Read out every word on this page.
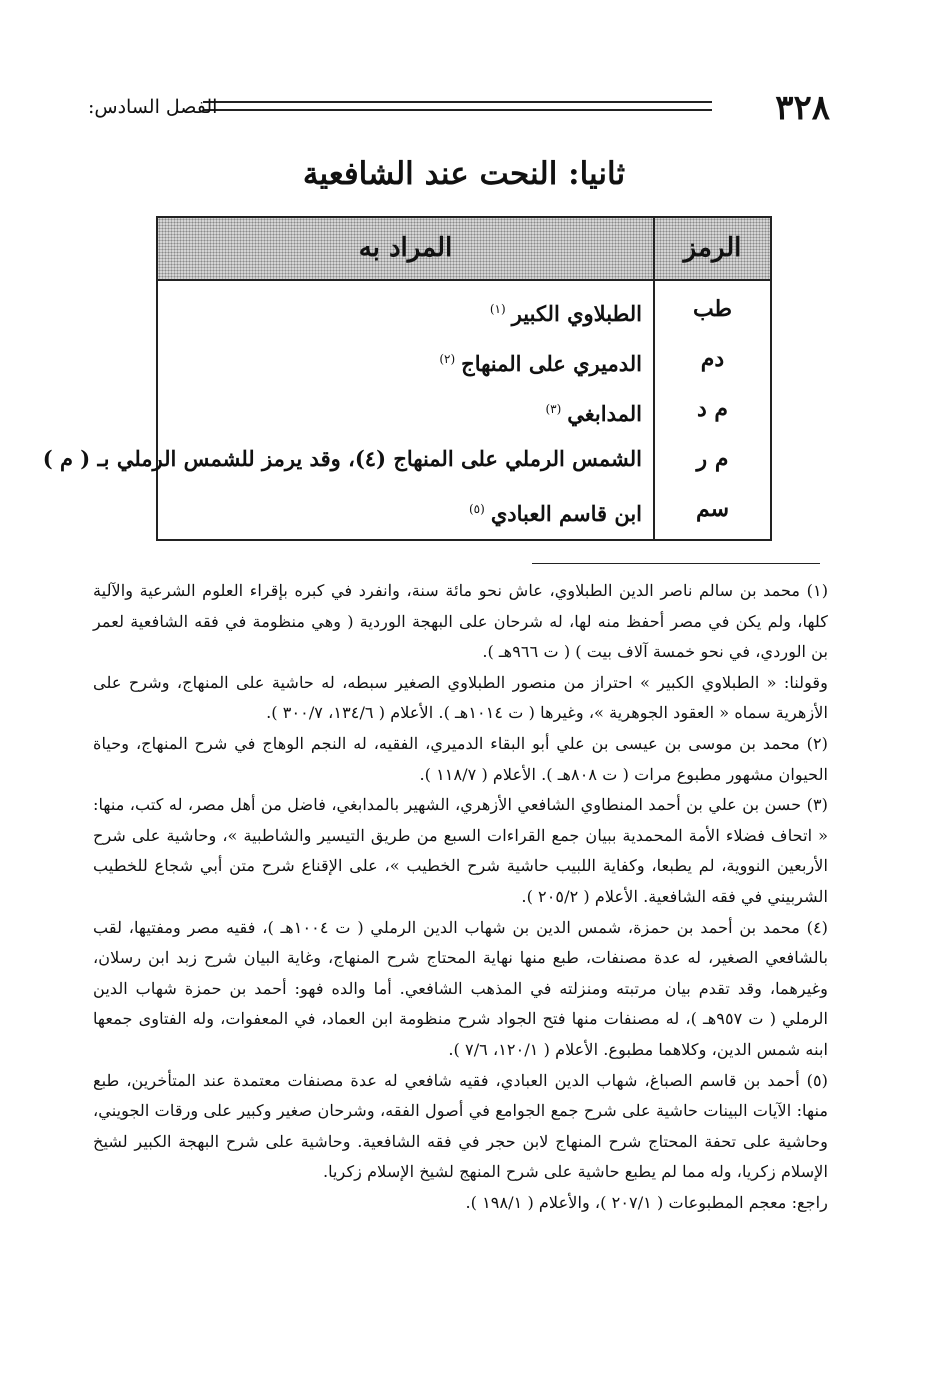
٣٢٨
الفصل السادس:
ثانيا: النحت عند الشافعية
الرمز
المراد به
طب
الطبلاوي الكبير$^{(١)}$
دم
الدميري على المنهاج$^{(٢)}$
م د
المدابغي$^{(٣)}$
م ر
الشمس الرملي على المنهاج (٤)، وقد يرمز للشمس الرملي بـ ( م )
سم
ابن قاسم العبادي$^{(٥)}$

(١) محمد بن سالم ناصر الدين الطبلاوي، عاش نحو مائة سنة، وانفرد في كبره بإقراء العلوم الشرعية والآلية كلها، ولم يكن في مصر أحفظ منه لها، له شرحان على البهجة الوردية ( وهي منظومة في فقه الشافعية لعمر بن الوردي، في نحو خمسة آلاف بيت ) ( ت ٩٦٦هـ ).

وقولنا: « الطبلاوي الكبير » احتراز من منصور الطبلاوي الصغير سبطه، له حاشية على المنهاج، وشرح على الأزهرية سماه « العقود الجوهرية »، وغيرها ( ت ١٠١٤هـ ). الأعلام ( ١٣٤/٦، ٣٠٠/٧ ).

(٢) محمد بن موسى بن عيسى بن علي أبو البقاء الدميري، الفقيه، له النجم الوهاج في شرح المنهاج، وحياة الحيوان مشهور مطبوع مرات ( ت ٨٠٨هـ ). الأعلام ( ١١٨/٧ ).

(٣) حسن بن علي بن أحمد المنطاوي الشافعي الأزهري، الشهير بالمدابغي، فاضل من أهل مصر، له كتب، منها: « اتحاف فضلاء الأمة المحمدية ببيان جمع القراءات السبع من طريق التيسير والشاطبية »، وحاشية على شرح الأربعين النووية، لم يطبعا، وكفاية اللبيب حاشية شرح الخطيب »، على الإقناع شرح متن أبي شجاع للخطيب الشربيني في فقه الشافعية. الأعلام ( ٢٠٥/٢ ).

(٤) محمد بن أحمد بن حمزة، شمس الدين بن شهاب الدين الرملي ( ت ١٠٠٤هـ )، فقيه مصر ومفتيها، لقب بالشافعي الصغير، له عدة مصنفات، طبع منها نهاية المحتاج شرح المنهاج، وغاية البيان شرح زبد ابن رسلان، وغيرهما، وقد تقدم بيان مرتبته ومنزلته في المذهب الشافعي. أما والده فهو: أحمد بن حمزة شهاب الدين الرملي ( ت ٩٥٧هـ )، له مصنفات منها فتح الجواد شرح منظومة ابن العماد، في المعفوات، وله الفتاوى جمعها ابنه شمس الدين، وكلاهما مطبوع. الأعلام ( ١٢٠/١، ٧/٦ ).

(٥) أحمد بن قاسم الصباغ، شهاب الدين العبادي، فقيه شافعي له عدة مصنفات معتمدة عند المتأخرين، طبع منها: الآيات البينات حاشية على شرح جمع الجوامع في أصول الفقه، وشرحان صغير وكبير على ورقات الجويني، وحاشية على تحفة المحتاج شرح المنهاج لابن حجر في فقه الشافعية. وحاشية على شرح البهجة الكبير لشيخ الإسلام زكريا، وله مما لم يطبع حاشية على شرح المنهج لشيخ الإسلام زكريا.

راجع: معجم المطبوعات ( ٢٠٧/١ )، والأعلام ( ١٩٨/١ ).
